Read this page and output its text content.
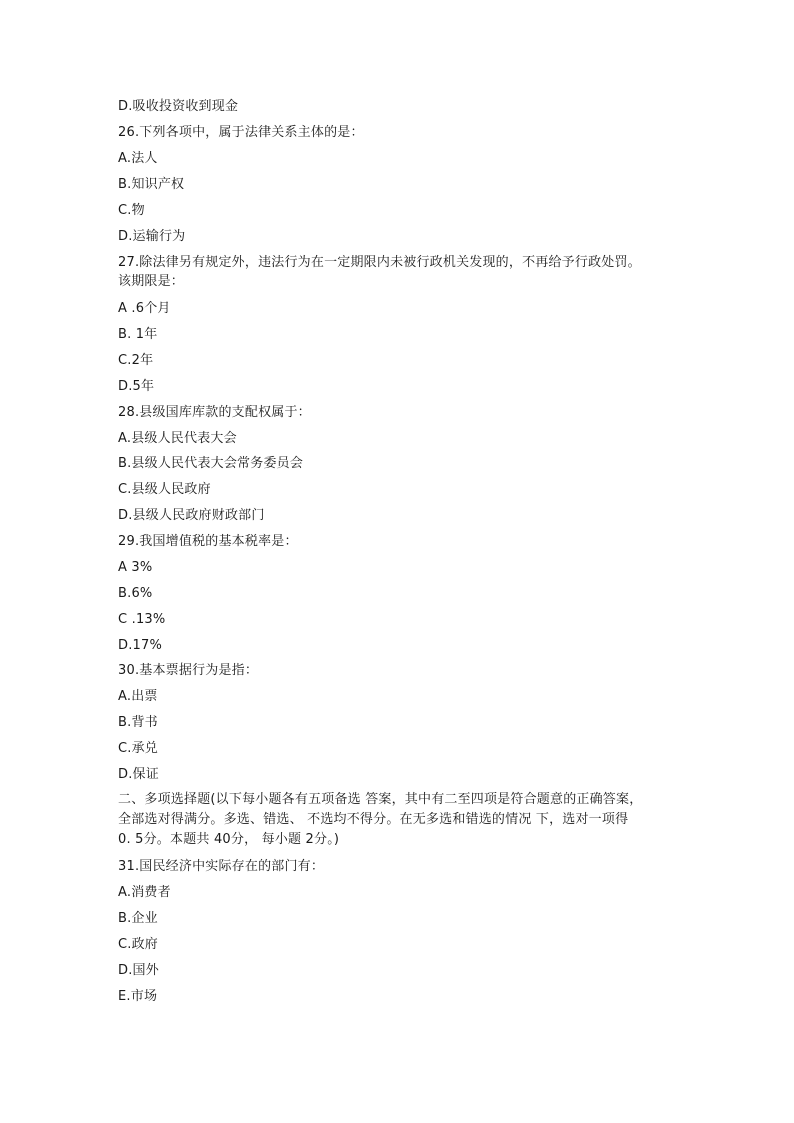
D.吸收投资收到现金
26.下列各项中，属于法律关系主体的是：
A.法人
B.知识产权
C.物
D.运输行为
27.除法律另有规定外，违法行为在一定期限内未被行政机关发现的，不再给予行政处罚。
该期限是：
A .6个月
B. 1年
C.2年
D.5年
28.县级国库库款的支配权属于：
A.县级人民代表大会
B.县级人民代表大会常务委员会
C.县级人民政府
D.县级人民政府财政部门
29.我国增值税的基本税率是：
A 3%
B.6%
C .13%
D.17%
30.基本票据行为是指：
A.出票
B.背书
C.承兑
D.保证
二、多项选择题(以下每小题各有五项备选 答案，其中有二至四项是符合题意的正确答案，
全部选对得满分。多选、错选、 不选均不得分。在无多选和错选的情况 下，选对一项得
0. 5分。本题共 40分， 每小题 2分。)
31.国民经济中实际存在的部门有：
A.消费者
B.企业
C.政府
D.国外
E.市场
